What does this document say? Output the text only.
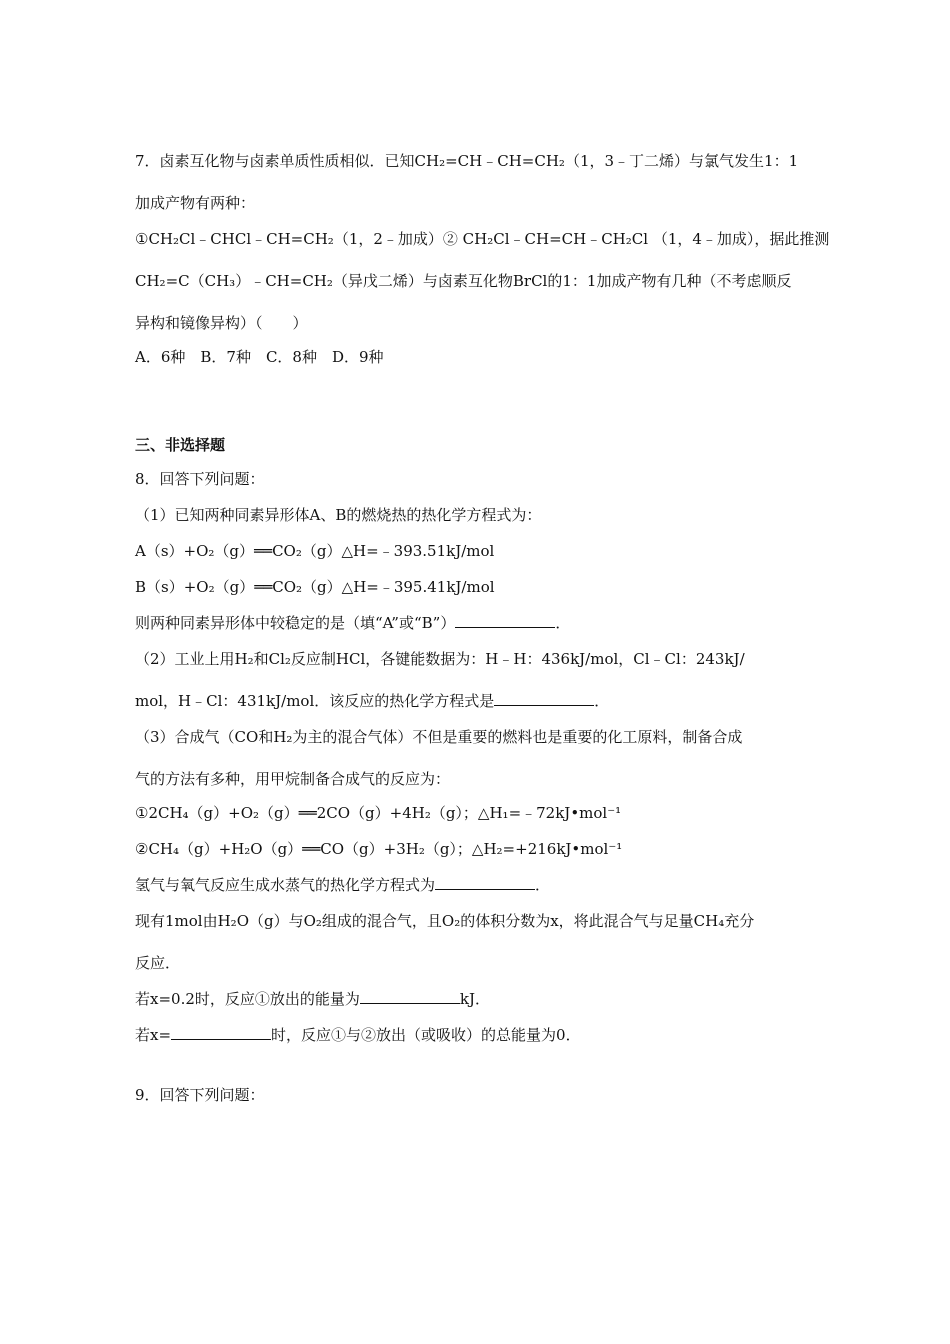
7．卤素互化物与卤素单质性质相似．已知CH₂=CH﹣CH=CH₂（1，3﹣丁二烯）与氯气发生1：1
加成产物有两种：
①CH₂Cl﹣CHCl﹣CH=CH₂（1，2﹣加成）② CH₂Cl﹣CH=CH﹣CH₂Cl （1，4﹣加成），据此推测
CH₂=C（CH₃）﹣CH=CH₂（异戊二烯）与卤素互化物BrCl的1：1加成产物有几种（不考虑顺反
异构和镜像异构）（　　）
A．6种　B．7种　C．8种　D．9种
三、非选择题
8．回答下列问题：
（1）已知两种同素异形体A、B的燃烧热的热化学方程式为：
A（s）+O₂（g）══CO₂（g）△H=﹣393.51kJ/mol
B（s）+O₂（g）══CO₂（g）△H=﹣395.41kJ/mol
则两种同素异形体中较稳定的是（填“A”或“B”）	．
（2）工业上用H₂和Cl₂反应制HCl，各键能数据为：H﹣H：436kJ/mol，Cl﹣Cl：243kJ/
mol，H﹣Cl：431kJ/mol．该反应的热化学方程式是	．
（3）合成气（CO和H₂为主的混合气体）不但是重要的燃料也是重要的化工原料，制备合成
气的方法有多种，用甲烷制备合成气的反应为：
①2CH₄（g）+O₂（g）══2CO（g）+4H₂（g）；△H₁=﹣72kJ•mol⁻¹
②CH₄（g）+H₂O（g）══CO（g）+3H₂（g）；△H₂=+216kJ•mol⁻¹
氢气与氧气反应生成水蒸气的热化学方程式为	．
现有1mol由H₂O（g）与O₂组成的混合气，且O₂的体积分数为x，将此混合气与足量CH₄充分
反应．
若x=0.2时，反应①放出的能量为	kJ．
若x=	时，反应①与②放出（或吸收）的总能量为0．
9．回答下列问题：
